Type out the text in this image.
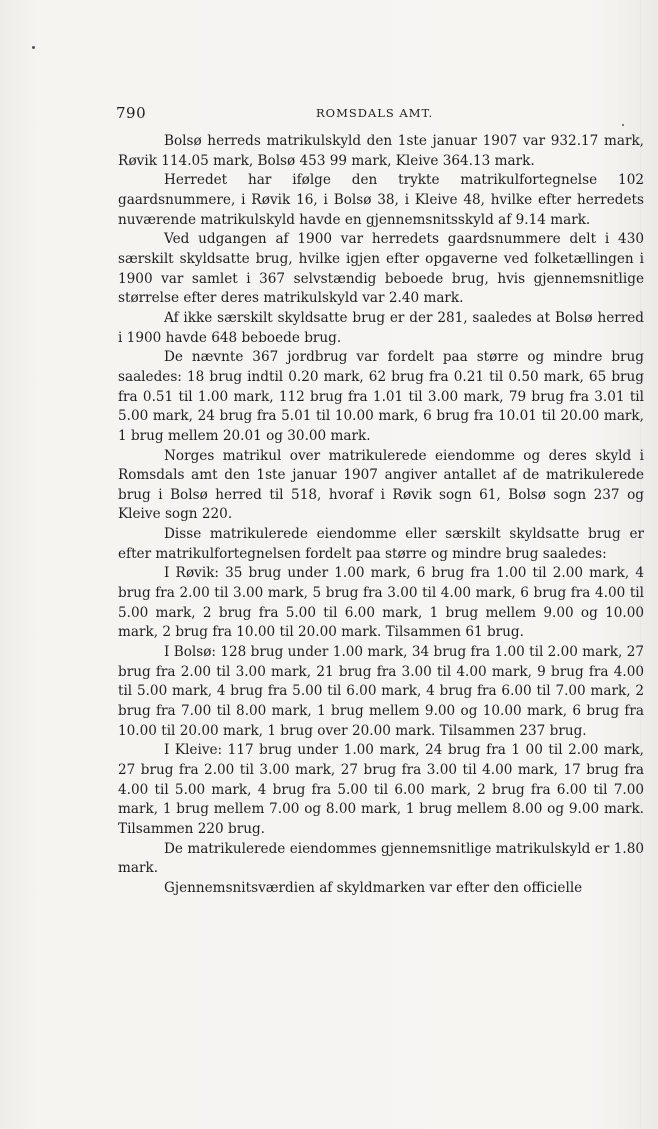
790	ROMSDALS AMT.

Bolsø herreds matrikulskyld den 1ste januar 1907 var 932.17 mark, Røvik 114.05 mark, Bolsø 453 99 mark, Kleive 364.13 mark.

Herredet har ifølge den trykte matrikulfortegnelse 102 gaardsnummere, i Røvik 16, i Bolsø 38, i Kleive 48, hvilke efter herredets nuværende matrikulskyld havde en gjennemsnitsskyld af 9.14 mark.

Ved udgangen af 1900 var herredets gaardsnummere delt i 430 særskilt skyldsatte brug, hvilke igjen efter opgaverne ved folketællingen i 1900 var samlet i 367 selvstændig beboede brug, hvis gjennemsnitlige størrelse efter deres matrikulskyld var 2.40 mark.

Af ikke særskilt skyldsatte brug er der 281, saaledes at Bolsø herred i 1900 havde 648 beboede brug.

De nævnte 367 jordbrug var fordelt paa større og mindre brug saaledes: 18 brug indtil 0.20 mark, 62 brug fra 0.21 til 0.50 mark, 65 brug fra 0.51 til 1.00 mark, 112 brug fra 1.01 til 3.00 mark, 79 brug fra 3.01 til 5.00 mark, 24 brug fra 5.01 til 10.00 mark, 6 brug fra 10.01 til 20.00 mark, 1 brug mellem 20.01 og 30.00 mark.

Norges matrikul over matrikulerede eiendomme og deres skyld i Romsdals amt den 1ste januar 1907 angiver antallet af de matrikulerede brug i Bolsø herred til 518, hvoraf i Røvik sogn 61, Bolsø sogn 237 og Kleive sogn 220.

Disse matrikulerede eiendomme eller særskilt skyldsatte brug er efter matrikulfortegnelsen fordelt paa større og mindre brug saaledes:

I Røvik: 35 brug under 1.00 mark, 6 brug fra 1.00 til 2.00 mark, 4 brug fra 2.00 til 3.00 mark, 5 brug fra 3.00 til 4.00 mark, 6 brug fra 4.00 til 5.00 mark, 2 brug fra 5.00 til 6.00 mark, 1 brug mellem 9.00 og 10.00 mark, 2 brug fra 10.00 til 20.00 mark. Tilsammen 61 brug.

I Bolsø: 128 brug under 1.00 mark, 34 brug fra 1.00 til 2.00 mark, 27 brug fra 2.00 til 3.00 mark, 21 brug fra 3.00 til 4.00 mark, 9 brug fra 4.00 til 5.00 mark, 4 brug fra 5.00 til 6.00 mark, 4 brug fra 6.00 til 7.00 mark, 2 brug fra 7.00 til 8.00 mark, 1 brug mellem 9.00 og 10.00 mark, 6 brug fra 10.00 til 20.00 mark, 1 brug over 20.00 mark. Tilsammen 237 brug.

I Kleive: 117 brug under 1.00 mark, 24 brug fra 1 00 til 2.00 mark, 27 brug fra 2.00 til 3.00 mark, 27 brug fra 3.00 til 4.00 mark, 17 brug fra 4.00 til 5.00 mark, 4 brug fra 5.00 til 6.00 mark, 2 brug fra 6.00 til 7.00 mark, 1 brug mellem 7.00 og 8.00 mark, 1 brug mellem 8.00 og 9.00 mark. Tilsammen 220 brug.

De matrikulerede eiendommes gjennemsnitlige matrikulskyld er 1.80 mark.

Gjennemsnitsværdien af skyldmarken var efter den officielle
